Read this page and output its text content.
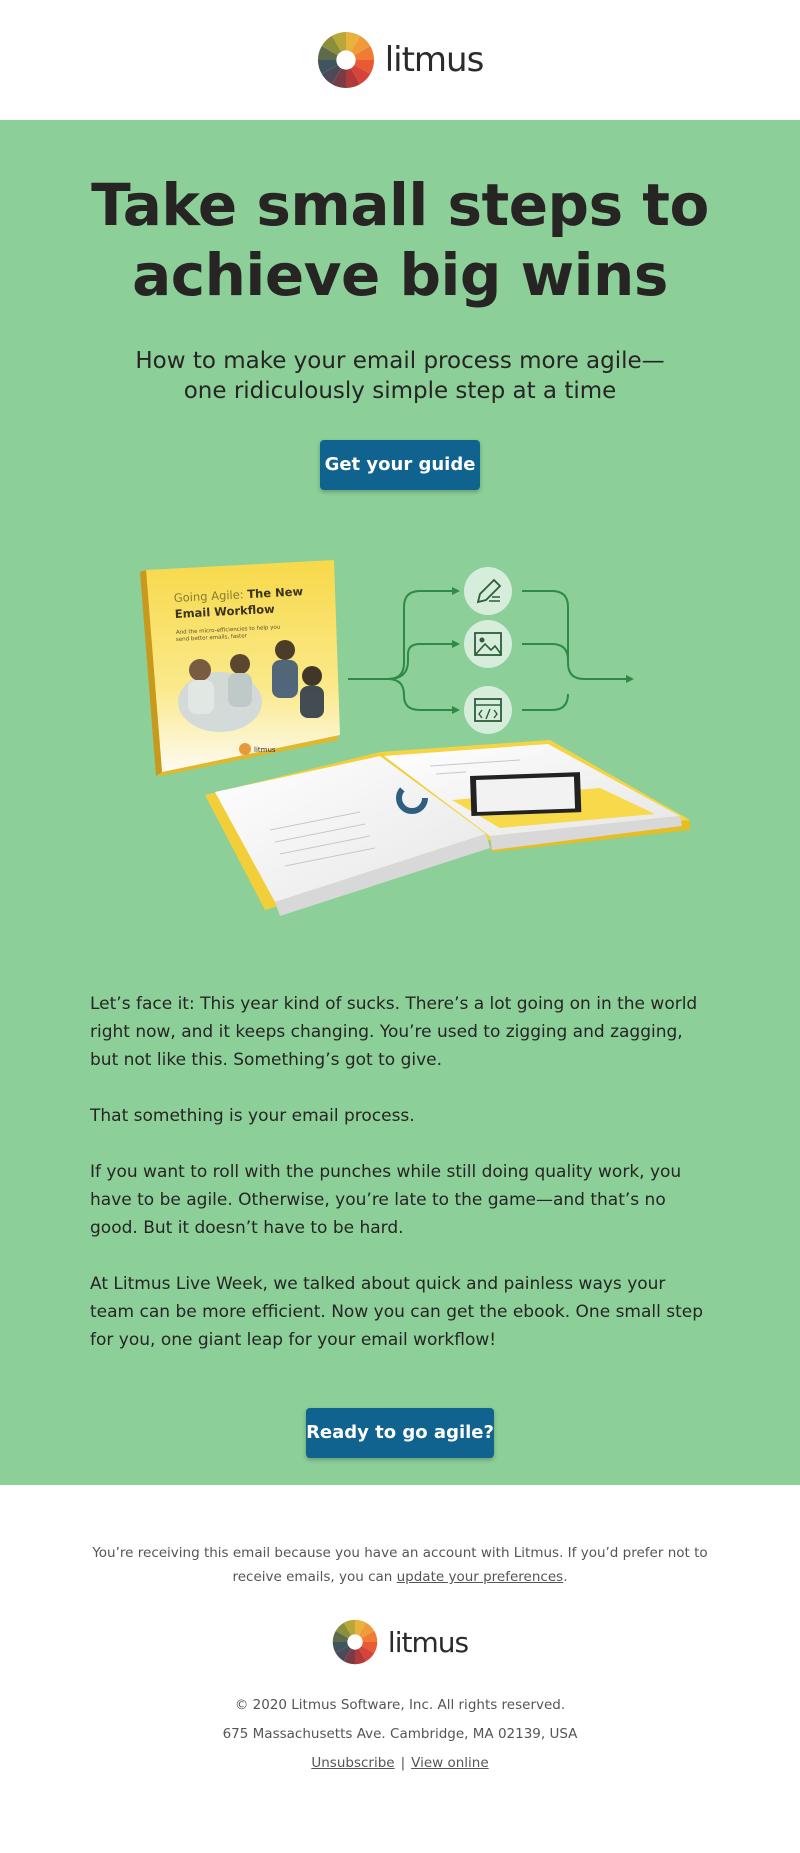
litmus
Take small steps to
achieve big wins

How to make your email process more agile—one ridiculously simple step at a time

Get your guide
Going Agile: The New
Email Workflow
And the micro-efficiencies to help you
send better emails, faster
litmus

Let’s face it: This year kind of sucks. There’s a lot going on in the world right now, and it keeps changing. You’re used to zigging and zagging, but not like this. Something’s got to give.

That something is your email process.

If you want to roll with the punches while still doing quality work, you have to be agile. Otherwise, you’re late to the game—and that’s no good. But it doesn’t have to be hard.

At Litmus Live Week, we talked about quick and painless ways your team can be more efficient. Now you can get the ebook. One small step for you, one giant leap for your email workflow!

Ready to go agile?

You’re receiving this email because you have an account with Litmus. If you’d prefer not to receive emails, you can update your preferences.

litmus

© 2020 Litmus Software, Inc. All rights reserved.

675 Massachusetts Ave. Cambridge, MA 02139, USA

Unsubscribe | View online
